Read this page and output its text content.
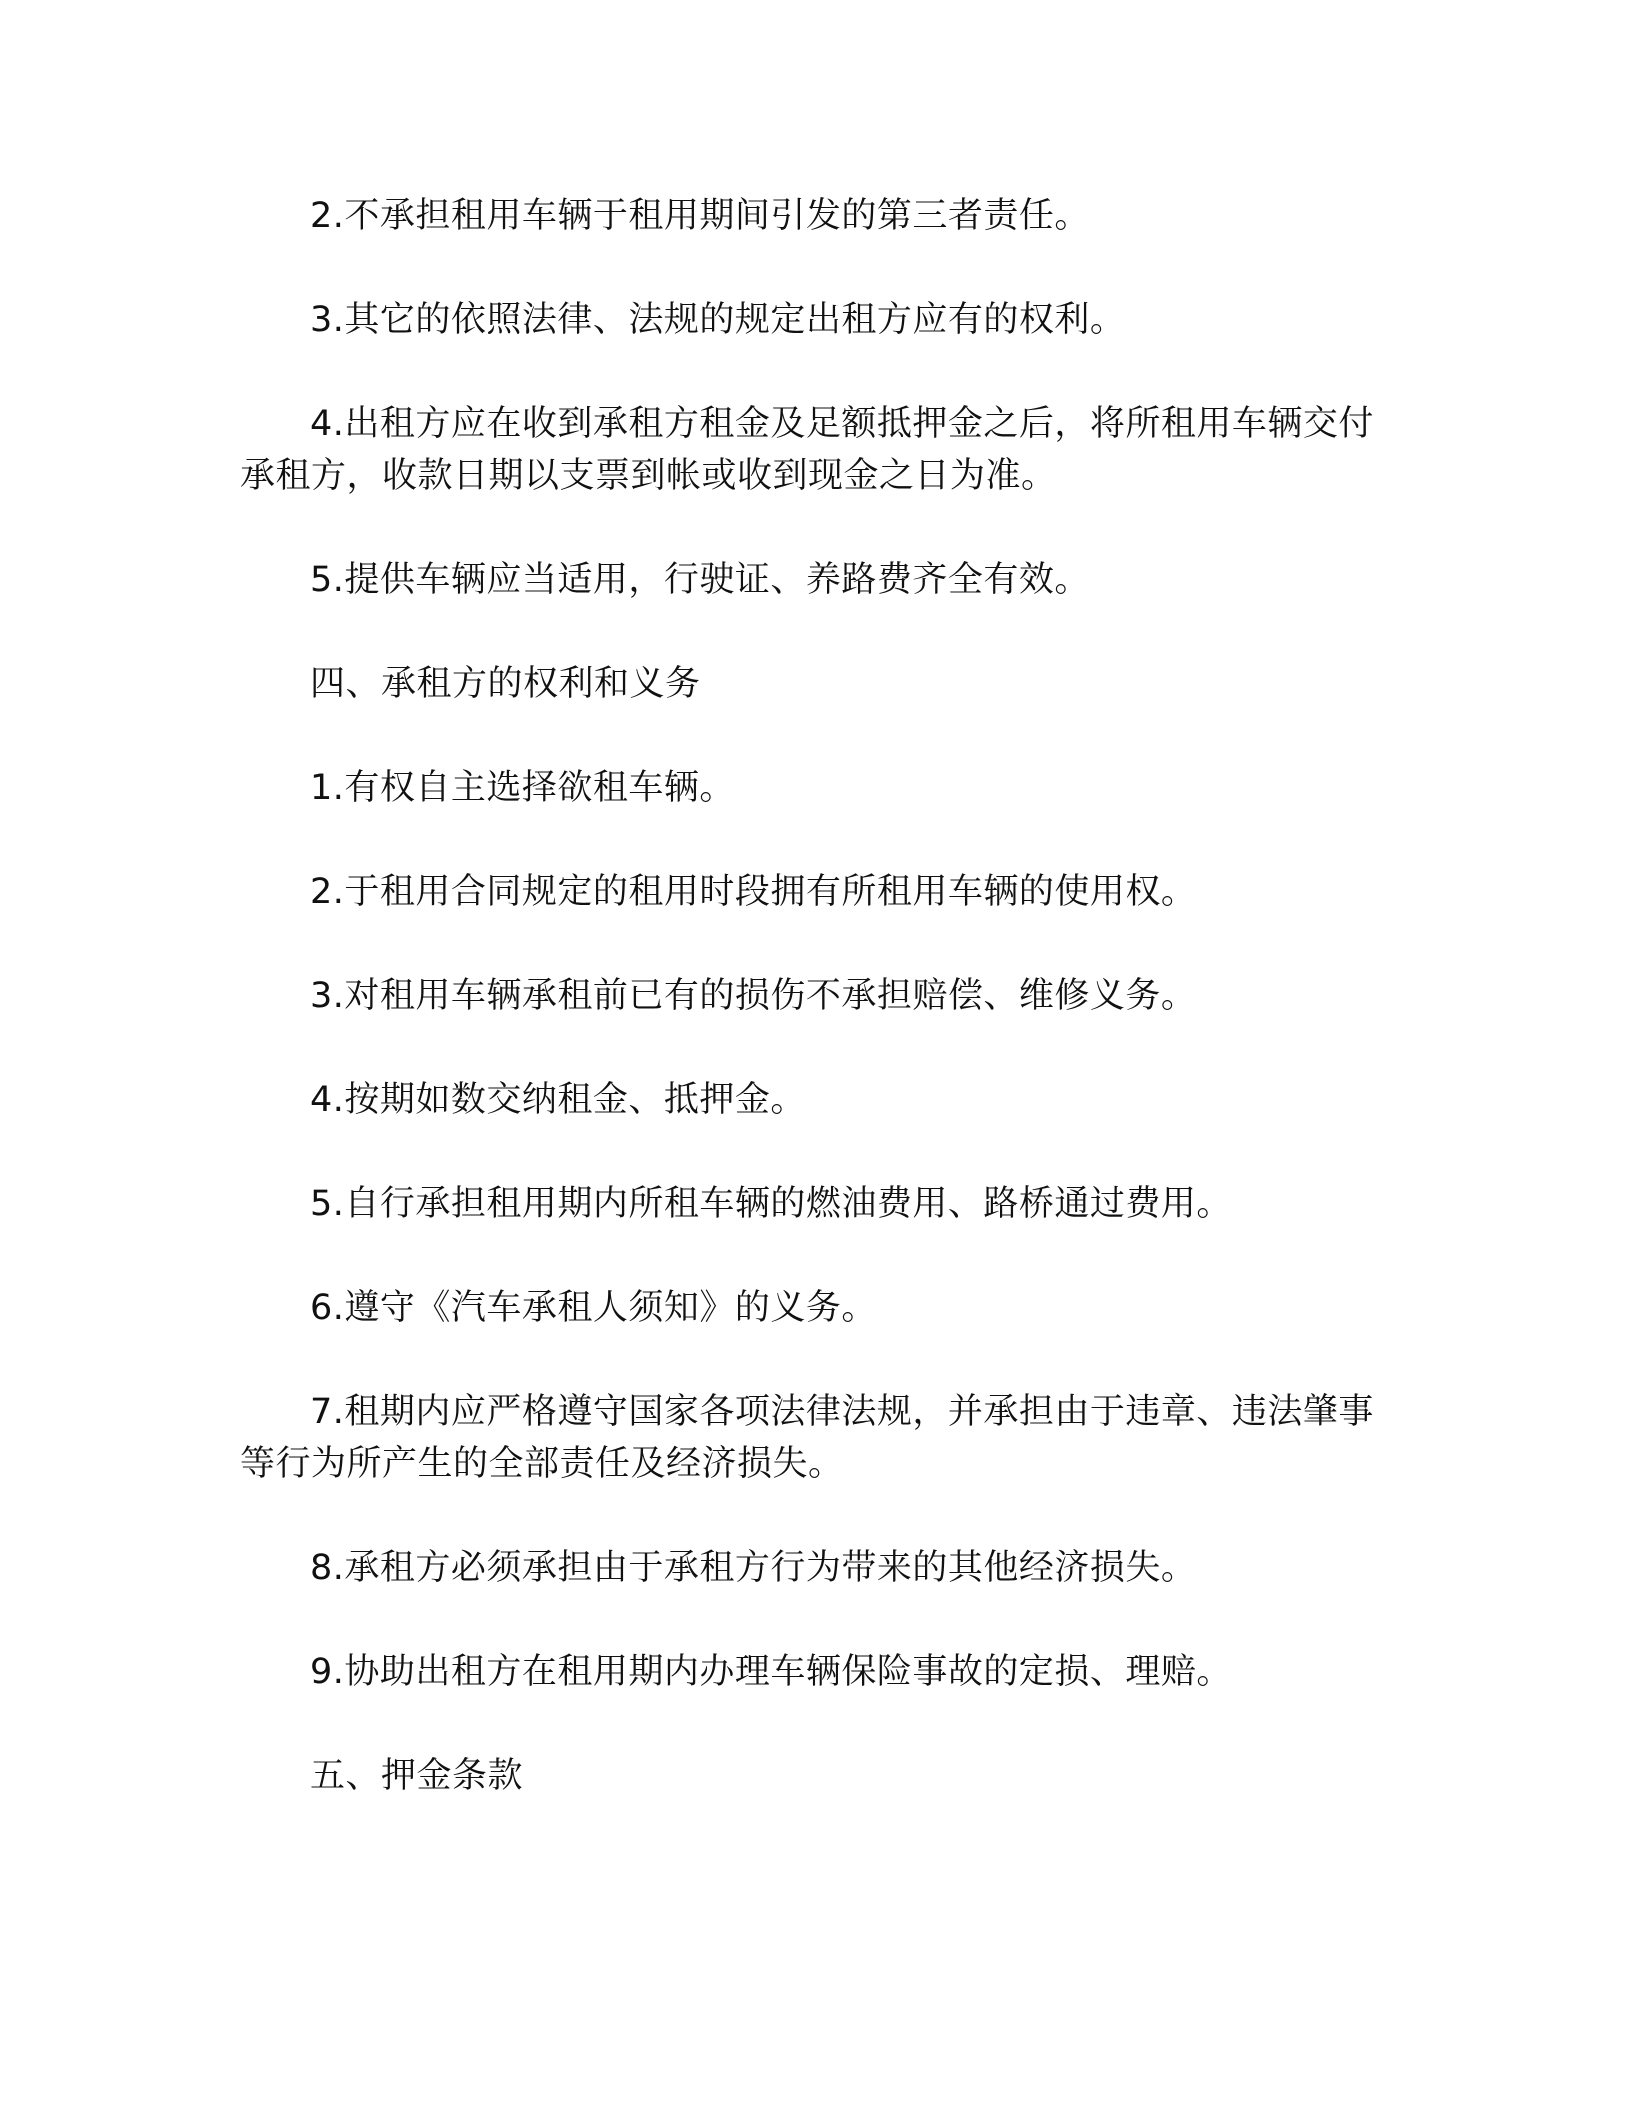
2.不承担租用车辆于租用期间引发的第三者责任。

3.其它的依照法律、法规的规定出租方应有的权利。

4.出租方应在收到承租方租金及足额抵押金之后，将所租用车辆交付承租方，收款日期以支票到帐或收到现金之日为准。

5.提供车辆应当适用，行驶证、养路费齐全有效。

四、承租方的权利和义务

1.有权自主选择欲租车辆。

2.于租用合同规定的租用时段拥有所租用车辆的使用权。

3.对租用车辆承租前已有的损伤不承担赔偿、维修义务。

4.按期如数交纳租金、抵押金。

5.自行承担租用期内所租车辆的燃油费用、路桥通过费用。

6.遵守《汽车承租人须知》的义务。

7.租期内应严格遵守国家各项法律法规，并承担由于违章、违法肇事等行为所产生的全部责任及经济损失。

8.承租方必须承担由于承租方行为带来的其他经济损失。

9.协助出租方在租用期内办理车辆保险事故的定损、理赔。

五、押金条款
